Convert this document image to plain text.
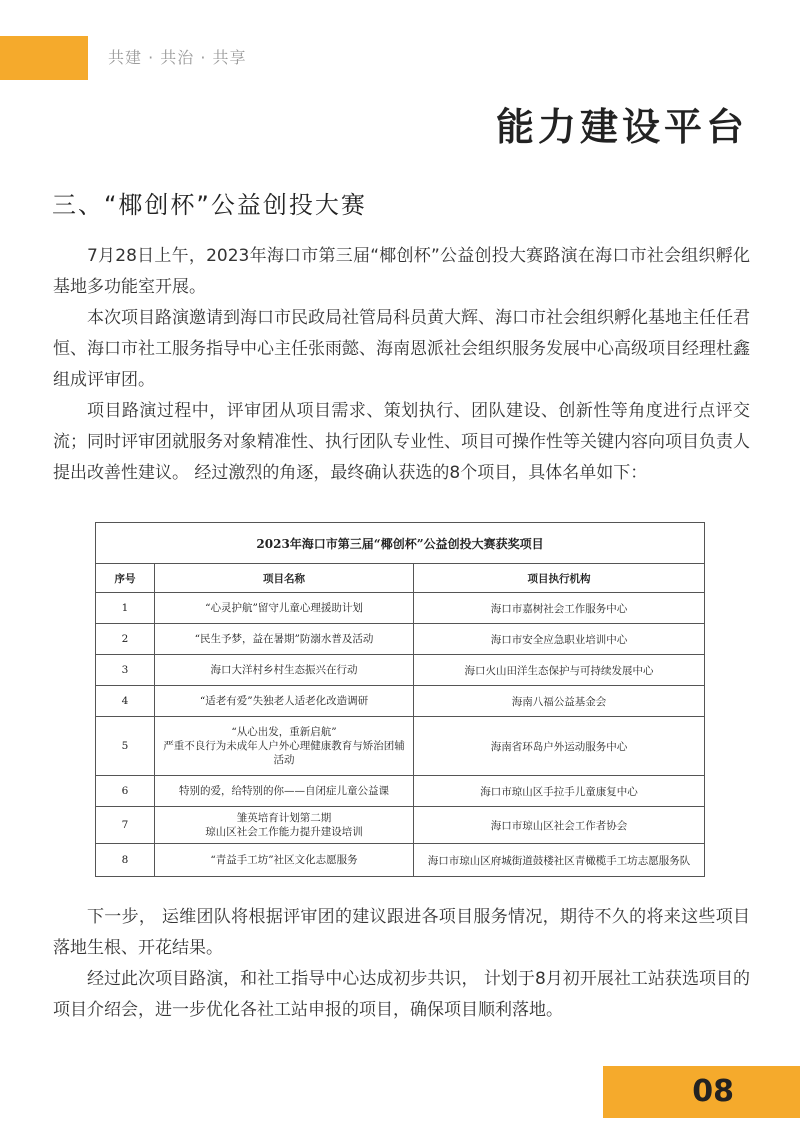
共建 · 共治 · 共享
能力建设平台
三、“椰创杯”公益创投大赛

7月28日上午，2023年海口市第三届“椰创杯”公益创投大赛路演在海口市社会组织孵化基地多功能室开展。

本次项目路演邀请到海口市民政局社管局科员黄大辉、海口市社会组织孵化基地主任任君恒、海口市社工服务指导中心主任张雨懿、海南恩派社会组织服务发展中心高级项目经理杜鑫组成评审团。

项目路演过程中，评审团从项目需求、策划执行、团队建设、创新性等角度进行点评交流；同时评审团就服务对象精准性、执行团队专业性、项目可操作性等关键内容向项目负责人提出改善性建议。 经过激烈的角逐，最终确认获选的8个项目，具体名单如下：

2023年海口市第三届“椰创杯”公益创投大赛获奖项目		
序号	项目名称	项目执行机构
1	“心灵护航”留守儿童心理援助计划	海口市嘉树社会工作服务中心
2	“民生予梦，益在暑期”防溺水普及活动	海口市安全应急职业培训中心
3	海口大洋村乡村生态振兴在行动	海口火山田洋生态保护与可持续发展中心
4	“适老有爱”失独老人适老化改造调研	海南八福公益基金会
5	“从心出发，重新启航”
严重不良行为未成年人户外心理健康教育与矫治团辅
活动	海南省环岛户外运动服务中心
6	特别的爱，给特别的你——自闭症儿童公益课	海口市琼山区手拉手儿童康复中心
7	雏英培育计划第二期
琼山区社会工作能力提升建设培训	海口市琼山区社会工作者协会
8	“青益手工坊”社区文化志愿服务	海口市琼山区府城街道鼓楼社区青橄榄手工坊志愿服务队

下一步， 运维团队将根据评审团的建议跟进各项目服务情况，期待不久的将来这些项目落地生根、开花结果。

经过此次项目路演，和社工指导中心达成初步共识， 计划于8月初开展社工站获选项目的项目介绍会，进一步优化各社工站申报的项目，确保项目顺利落地。

08
